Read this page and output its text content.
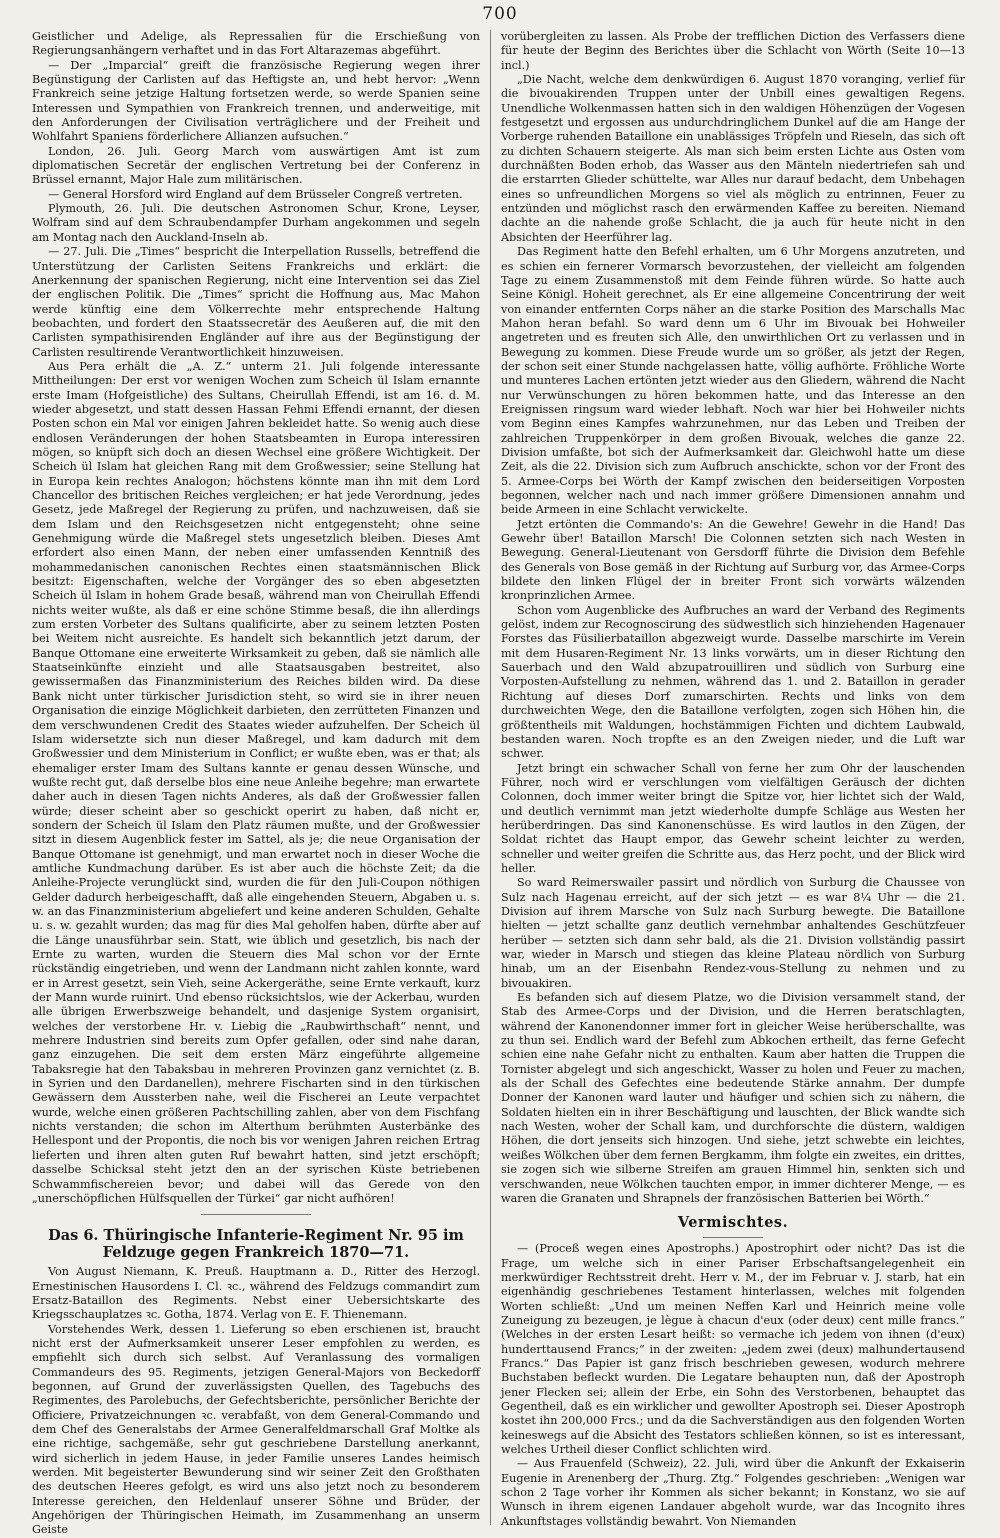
700

Geistlicher und Adelige, als Repressalien für die Erschießung von Regierungsanhängern verhaftet und in das Fort Altarazemas abgeführt.

— Der „Imparcial“ greift die französische Regierung wegen ihrer Begünstigung der Carlisten auf das Heftigste an, und hebt hervor: „Wenn Frankreich seine jetzige Haltung fortsetzen werde, so werde Spanien seine Interessen und Sympathien von Frankreich trennen, und anderweitige, mit den Anforderungen der Civilisation verträglichere und der Freiheit und Wohlfahrt Spaniens förderlichere Allianzen aufsuchen.“

London, 26. Juli. Georg March vom auswärtigen Amt ist zum diplomatischen Secretär der englischen Vertretung bei der Conferenz in Brüssel ernannt, Major Hale zum militärischen.

— General Horsford wird England auf dem Brüsseler Congreß vertreten.

Plymouth, 26. Juli. Die deutschen Astronomen Schur, Krone, Leyser, Wolfram sind auf dem Schraubendampfer Durham angekommen und segeln am Montag nach den Auckland-Inseln ab.

— 27. Juli. Die „Times“ bespricht die Interpellation Russells, betreffend die Unterstützung der Carlisten Seitens Frankreichs und erklärt: die Anerkennung der spanischen Regierung, nicht eine Intervention sei das Ziel der englischen Politik. Die „Times“ spricht die Hoffnung aus, Mac Mahon werde künftig eine dem Völkerrechte mehr entsprechende Haltung beobachten, und fordert den Staatssecretär des Aeußeren auf, die mit den Carlisten sympathisirenden Engländer auf ihre aus der Begünstigung der Carlisten resultirende Verantwortlichkeit hinzuweisen.

Aus Pera erhält die „A. Z.“ unterm 21. Juli folgende interessante Mittheilungen: Der erst vor wenigen Wochen zum Scheich ül Islam ernannte erste Imam (Hofgeistliche) des Sultans, Cheirullah Effendi, ist am 16. d. M. wieder abgesetzt, und statt dessen Hassan Fehmi Effendi ernannt, der diesen Posten schon ein Mal vor einigen Jahren bekleidet hatte. So wenig auch diese endlosen Veränderungen der hohen Staatsbeamten in Europa interessiren mögen, so knüpft sich doch an diesen Wechsel eine größere Wichtigkeit. Der Scheich ül Islam hat gleichen Rang mit dem Großwessier; seine Stellung hat in Europa kein rechtes Analogon; höchstens könnte man ihn mit dem Lord Chancellor des britischen Reiches vergleichen; er hat jede Verordnung, jedes Gesetz, jede Maßregel der Regierung zu prüfen, und nachzuweisen, daß sie dem Islam und den Reichsgesetzen nicht entgegensteht; ohne seine Genehmigung würde die Maßregel stets ungesetzlich bleiben. Dieses Amt erfordert also einen Mann, der neben einer umfassenden Kenntniß des mohammedanischen canonischen Rechtes einen staatsmännischen Blick besitzt: Eigenschaften, welche der Vorgänger des so eben abgesetzten Scheich ül Islam in hohem Grade besaß, während man von Cheirullah Effendi nichts weiter wußte, als daß er eine schöne Stimme besaß, die ihn allerdings zum ersten Vorbeter des Sultans qualificirte, aber zu seinem letzten Posten bei Weitem nicht ausreichte. Es handelt sich bekanntlich jetzt darum, der Banque Ottomane eine erweiterte Wirksamkeit zu geben, daß sie nämlich alle Staatseinkünfte einzieht und alle Staatsausgaben bestreitet, also gewissermaßen das Finanzministerium des Reiches bilden wird. Da diese Bank nicht unter türkischer Jurisdiction steht, so wird sie in ihrer neuen Organisation die einzige Möglichkeit darbieten, den zerrütteten Finanzen und dem verschwundenen Credit des Staates wieder aufzuhelfen. Der Scheich ül Islam widersetzte sich nun dieser Maßregel, und kam dadurch mit dem Großwessier und dem Ministerium in Conflict; er wußte eben, was er that; als ehemaliger erster Imam des Sultans kannte er genau dessen Wünsche, und wußte recht gut, daß derselbe blos eine neue Anleihe begehre; man erwartete daher auch in diesen Tagen nichts Anderes, als daß der Großwessier fallen würde; dieser scheint aber so geschickt operirt zu haben, daß nicht er, sondern der Scheich ül Islam den Platz räumen mußte, und der Großwessier sitzt in diesem Augenblick fester im Sattel, als je; die neue Organisation der Banque Ottomane ist genehmigt, und man erwartet noch in dieser Woche die amtliche Kundmachung darüber. Es ist aber auch die höchste Zeit; da die Anleihe-Projecte verunglückt sind, wurden die für den Juli-Coupon nöthigen Gelder dadurch herbeigeschafft, daß alle eingehenden Steuern, Abgaben u. s. w. an das Finanzministerium abgeliefert und keine anderen Schulden, Gehalte u. s. w. gezahlt wurden; das mag für dies Mal geholfen haben, dürfte aber auf die Länge unausführbar sein. Statt, wie üblich und gesetzlich, bis nach der Ernte zu warten, wurden die Steuern dies Mal schon vor der Ernte rückständig eingetrieben, und wenn der Landmann nicht zahlen konnte, ward er in Arrest gesetzt, sein Vieh, seine Ackergeräthe, seine Ernte verkauft, kurz der Mann wurde ruinirt. Und ebenso rücksichtslos, wie der Ackerbau, wurden alle übrigen Erwerbszweige behandelt, und dasjenige System organisirt, welches der verstorbene Hr. v. Liebig die „Raubwirthschaft“ nennt, und mehrere Industrien sind bereits zum Opfer gefallen, oder sind nahe daran, ganz einzugehen. Die seit dem ersten März eingeführte allgemeine Tabaksregie hat den Tabaksbau in mehreren Provinzen ganz vernichtet (z. B. in Syrien und den Dardanellen), mehrere Fischarten sind in den türkischen Gewässern dem Aussterben nahe, weil die Fischerei an Leute verpachtet wurde, welche einen größeren Pachtschilling zahlen, aber von dem Fischfang nichts verstanden; die schon im Alterthum berühmten Austerbänke des Hellespont und der Propontis, die noch bis vor wenigen Jahren reichen Ertrag lieferten und ihren alten guten Ruf bewahrt hatten, sind jetzt erschöpft; dasselbe Schicksal steht jetzt den an der syrischen Küste betriebenen Schwammfischereien bevor; und dabei will das Gerede von den „unerschöpflichen Hülfsquellen der Türkei“ gar nicht aufhören!

Das 6. Thüringische Infanterie-Regiment Nr. 95 im Feldzuge gegen Frankreich 1870—71.

Von August Niemann, K. Preuß. Hauptmann a. D., Ritter des Herzogl. Ernestinischen Hausordens I. Cl. ꝛc., während des Feldzugs commandirt zum Ersatz-Bataillon des Regiments. Nebst einer Uebersichtskarte des Kriegsschauplatzes ꝛc. Gotha, 1874. Verlag von E. F. Thienemann.

Vorstehendes Werk, dessen 1. Lieferung so eben erschienen ist, braucht nicht erst der Aufmerksamkeit unserer Leser empfohlen zu werden, es empfiehlt sich durch sich selbst. Auf Veranlassung des vormaligen Commandeurs des 95. Regiments, jetzigen General-Majors von Beckedorff begonnen, auf Grund der zuverlässigsten Quellen, des Tagebuchs des Regimentes, des Parolebuchs, der Gefechtsberichte, persönlicher Berichte der Officiere, Privatzeichnungen ꝛc. verabfaßt, von dem General-Commando und dem Chef des Generalstabs der Armee Generalfeldmarschall Graf Moltke als eine richtige, sachgemäße, sehr gut geschriebene Darstellung anerkannt, wird sicherlich in jedem Hause, in jeder Familie unseres Landes heimisch werden. Mit begeisterter Bewunderung sind wir seiner Zeit den Großthaten des deutschen Heeres gefolgt, es wird uns also jetzt noch zu besonderem Interesse gereichen, den Heldenlauf unserer Söhne und Brüder, der Angehörigen der Thüringischen Heimath, im Zusammenhang an unserm Geiste

vorübergleiten zu lassen. Als Probe der trefflichen Diction des Verfassers diene für heute der Beginn des Berichtes über die Schlacht von Wörth (Seite 10—13 incl.)

„Die Nacht, welche dem denkwürdigen 6. August 1870 voranging, verlief für die bivouakirenden Truppen unter der Unbill eines gewaltigen Regens. Unendliche Wolkenmassen hatten sich in den waldigen Höhenzügen der Vogesen festgesetzt und ergossen aus undurchdringlichem Dunkel auf die am Hange der Vorberge ruhenden Bataillone ein unablässiges Tröpfeln und Rieseln, das sich oft zu dichten Schauern steigerte. Als man sich beim ersten Lichte aus Osten vom durchnäßten Boden erhob, das Wasser aus den Mänteln niedertriefen sah und die erstarrten Glieder schüttelte, war Alles nur darauf bedacht, dem Unbehagen eines so unfreundlichen Morgens so viel als möglich zu entrinnen, Feuer zu entzünden und möglichst rasch den erwärmenden Kaffee zu bereiten. Niemand dachte an die nahende große Schlacht, die ja auch für heute nicht in den Absichten der Heerführer lag.

Das Regiment hatte den Befehl erhalten, um 6 Uhr Morgens anzutreten, und es schien ein fernerer Vormarsch bevorzustehen, der vielleicht am folgenden Tage zu einem Zusammenstoß mit dem Feinde führen würde. So hatte auch Seine Königl. Hoheit gerechnet, als Er eine allgemeine Concentrirung der weit von einander entfernten Corps näher an die starke Position des Marschalls Mac Mahon heran befahl. So ward denn um 6 Uhr im Bivouak bei Hohweiler angetreten und es freuten sich Alle, den unwirthlichen Ort zu verlassen und in Bewegung zu kommen. Diese Freude wurde um so größer, als jetzt der Regen, der schon seit einer Stunde nachgelassen hatte, völlig aufhörte. Fröhliche Worte und munteres Lachen ertönten jetzt wieder aus den Gliedern, während die Nacht nur Verwünschungen zu hören bekommen hatte, und das Interesse an den Ereignissen ringsum ward wieder lebhaft. Noch war hier bei Hohweiler nichts vom Beginn eines Kampfes wahrzunehmen, nur das Leben und Treiben der zahlreichen Truppenkörper in dem großen Bivouak, welches die ganze 22. Division umfaßte, bot sich der Aufmerksamkeit dar. Gleichwohl hatte um diese Zeit, als die 22. Division sich zum Aufbruch anschickte, schon vor der Front des 5. Armee-Corps bei Wörth der Kampf zwischen den beiderseitigen Vorposten begonnen, welcher nach und nach immer größere Dimensionen annahm und beide Armeen in eine Schlacht verwickelte.

Jetzt ertönten die Commando's: An die Gewehre! Gewehr in die Hand! Das Gewehr über! Bataillon Marsch! Die Colonnen setzten sich nach Westen in Bewegung. General-Lieutenant von Gersdorff führte die Division dem Befehle des Generals von Bose gemäß in der Richtung auf Surburg vor, das Armee-Corps bildete den linken Flügel der in breiter Front sich vorwärts wälzenden kronprinzlichen Armee.

Schon vom Augenblicke des Aufbruches an ward der Verband des Regiments gelöst, indem zur Recognoscirung des südwestlich sich hinziehenden Hagenauer Forstes das Füsilierbataillon abgezweigt wurde. Dasselbe marschirte im Verein mit dem Husaren-Regiment Nr. 13 links vorwärts, um in dieser Richtung den Sauerbach und den Wald abzupatrouilliren und südlich von Surburg eine Vorposten-Aufstellung zu nehmen, während das 1. und 2. Bataillon in gerader Richtung auf dieses Dorf zumarschirten. Rechts und links von dem durchweichten Wege, den die Bataillone verfolgten, zogen sich Höhen hin, die größtentheils mit Waldungen, hochstämmigen Fichten und dichtem Laubwald, bestanden waren. Noch tropfte es an den Zweigen nieder, und die Luft war schwer.

Jetzt bringt ein schwacher Schall von ferne her zum Ohr der lauschenden Führer, noch wird er verschlungen vom vielfältigen Geräusch der dichten Colonnen, doch immer weiter bringt die Spitze vor, hier lichtet sich der Wald, und deutlich vernimmt man jetzt wiederholte dumpfe Schläge aus Westen her herüberdringen. Das sind Kanonenschüsse. Es wird lautlos in den Zügen, der Soldat richtet das Haupt empor, das Gewehr scheint leichter zu werden, schneller und weiter greifen die Schritte aus, das Herz pocht, und der Blick wird heller.

So ward Reimerswailer passirt und nördlich von Surburg die Chaussee von Sulz nach Hagenau erreicht, auf der sich jetzt — es war 8¼ Uhr — die 21. Division auf ihrem Marsche von Sulz nach Surburg bewegte. Die Bataillone hielten — jetzt schallte ganz deutlich vernehmbar anhaltendes Geschützfeuer herüber — setzten sich dann sehr bald, als die 21. Division vollständig passirt war, wieder in Marsch und stiegen das kleine Plateau nördlich von Surburg hinab, um an der Eisenbahn Rendez-vous-Stellung zu nehmen und zu bivouakiren.

Es befanden sich auf diesem Platze, wo die Division versammelt stand, der Stab des Armee-Corps und der Division, und die Herren beratschlagten, während der Kanonendonner immer fort in gleicher Weise herüberschallte, was zu thun sei. Endlich ward der Befehl zum Abkochen ertheilt, das ferne Gefecht schien eine nahe Gefahr nicht zu enthalten. Kaum aber hatten die Truppen die Tornister abgelegt und sich angeschickt, Wasser zu holen und Feuer zu machen, als der Schall des Gefechtes eine bedeutende Stärke annahm. Der dumpfe Donner der Kanonen ward lauter und häufiger und schien sich zu nähern, die Soldaten hielten ein in ihrer Beschäftigung und lauschten, der Blick wandte sich nach Westen, woher der Schall kam, und durchforschte die düstern, waldigen Höhen, die dort jenseits sich hinzogen. Und siehe, jetzt schwebte ein leichtes, weißes Wölkchen über dem fernen Bergkamm, ihm folgte ein zweites, ein drittes, sie zogen sich wie silberne Streifen am grauen Himmel hin, senkten sich und verschwanden, neue Wölkchen tauchten empor, in immer dichterer Menge, — es waren die Granaten und Shrapnels der französischen Batterien bei Wörth.“

Vermischtes.

— (Proceß wegen eines Apostrophs.) Apostrophirt oder nicht? Das ist die Frage, um welche sich in einer Pariser Erbschaftsangelegenheit ein merkwürdiger Rechtsstreit dreht. Herr v. M., der im Februar v. J. starb, hat ein eigenhändig geschriebenes Testament hinterlassen, welches mit folgenden Worten schließt: „Und um meinen Neffen Karl und Heinrich meine volle Zuneigung zu bezeugen, je lègue à chacun d'eux (oder deux) cent mille francs.“ (Welches in der ersten Lesart heißt: so vermache ich jedem von ihnen (d'eux) hunderttausend Francs;“ in der zweiten: „jedem zwei (deux) malhundertausend Francs.“ Das Papier ist ganz frisch beschrieben gewesen, wodurch mehrere Buchstaben befleckt wurden. Die Legatare behaupten nun, daß der Apostroph jener Flecken sei; allein der Erbe, ein Sohn des Verstorbenen, behauptet das Gegentheil, daß es ein wirklicher und gewollter Apostroph sei. Dieser Apostroph kostet ihn 200,000 Frcs.; und da die Sachverständigen aus den folgenden Worten keineswegs auf die Absicht des Testators schließen können, so ist es interessant, welches Urtheil dieser Conflict schlichten wird.

— Aus Frauenfeld (Schweiz), 22. Juli, wird über die Ankunft der Exkaiserin Eugenie in Arenenberg der „Thurg. Ztg.“ Folgendes geschrieben: „Wenigen war schon 2 Tage vorher ihr Kommen als sicher bekannt; in Konstanz, wo sie auf Wunsch in ihrem eigenen Landauer abgeholt wurde, war das Incognito ihres Ankunftstages vollständig bewahrt. Von Niemanden
